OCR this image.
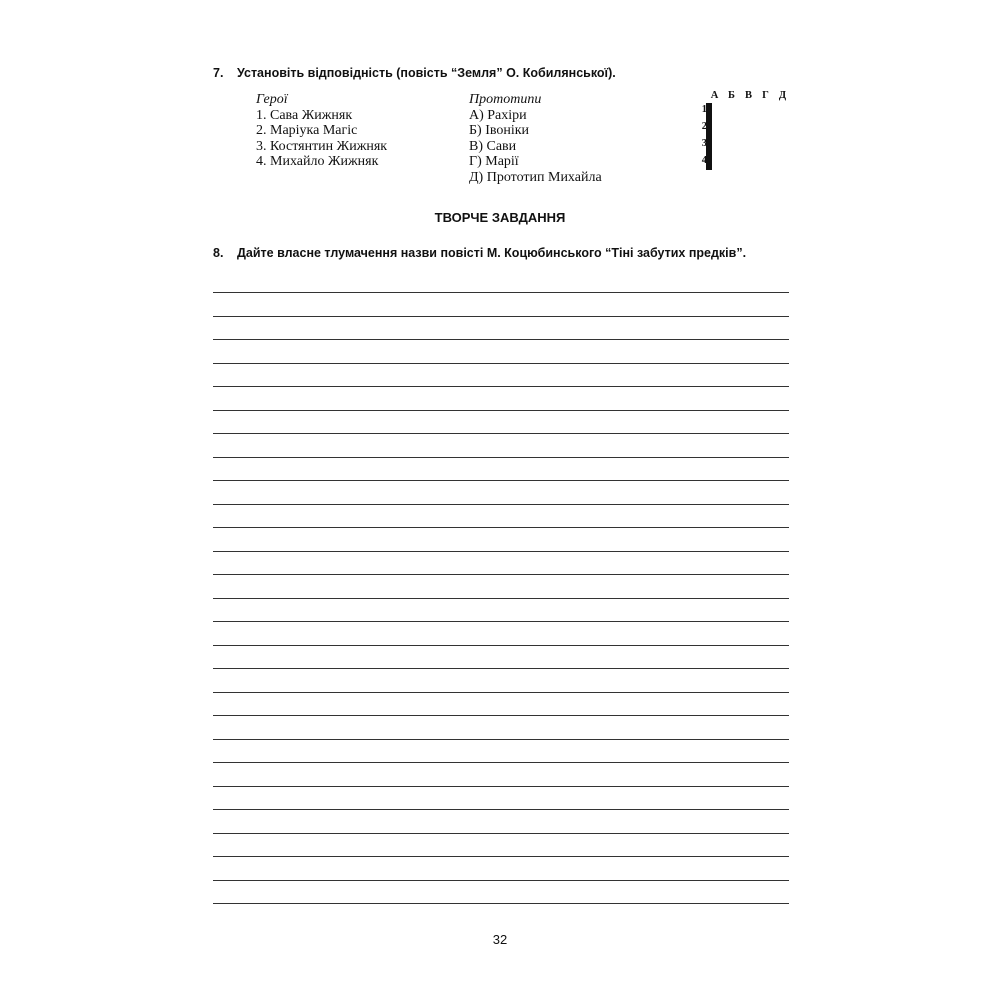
7. Установіть відповідність (повість “Земля” О. Кобилянської).
Герої
1. Сава Жижняк
2. Маріука Магіс
3. Костянтин Жижняк
4. Михайло Жижняк
Прототипи
А) Рахіри
Б) Івоніки
В) Сави
Г) Марії
Д) Прототип Михайла
А Б В Г Д
1
2
3
4

ТВОРЧЕ ЗАВДАННЯ
8. Дайте власне тлумачення назви повісті М. Коцюбинського “Тіні забутих предків”.
32
